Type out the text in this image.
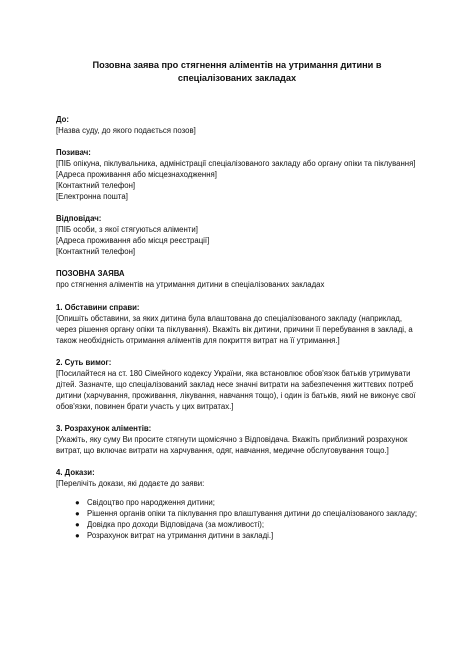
Позовна заява про стягнення аліментів на утримання дитини в спеціалізованих закладах
До:
[Назва суду, до якого подається позов]
Позивач:
[ПІБ опікуна, піклувальника, адміністрації спеціалізованого закладу або органу опіки та піклування]
[Адреса проживання або місцезнаходження]
[Контактний телефон]
[Електронна пошта]
Відповідач:
[ПІБ особи, з якої стягуються аліменти]
[Адреса проживання або місця реєстрації]
[Контактний телефон]
ПОЗОВНА ЗАЯВА
про стягнення аліментів на утримання дитини в спеціалізованих закладах
1. Обставини справи:
[Опишіть обставини, за яких дитина була влаштована до спеціалізованого закладу (наприклад, через рішення органу опіки та піклування). Вкажіть вік дитини, причини її перебування в закладі, а також необхідність отримання аліментів для покриття витрат на її утримання.]
2. Суть вимог:
[Посилайтеся на ст. 180 Сімейного кодексу України, яка встановлює обов'язок батьків утримувати дітей. Зазначте, що спеціалізований заклад несе значні витрати на забезпечення життєвих потреб дитини (харчування, проживання, лікування, навчання тощо), і один із батьків, який не виконує свої обов'язки, повинен брати участь у цих витратах.]
3. Розрахунок аліментів:
[Укажіть, яку суму Ви просите стягнути щомісячно з Відповідача. Вкажіть приблизний розрахунок витрат, що включає витрати на харчування, одяг, навчання, медичне обслуговування тощо.]
4. Докази:
[Перелічіть докази, які додаєте до заяви:
● Свідоцтво про народження дитини;
● Рішення органів опіки та піклування про влаштування дитини до спеціалізованого закладу;
● Довідка про доходи Відповідача (за можливості);
● Розрахунок витрат на утримання дитини в закладі.]
